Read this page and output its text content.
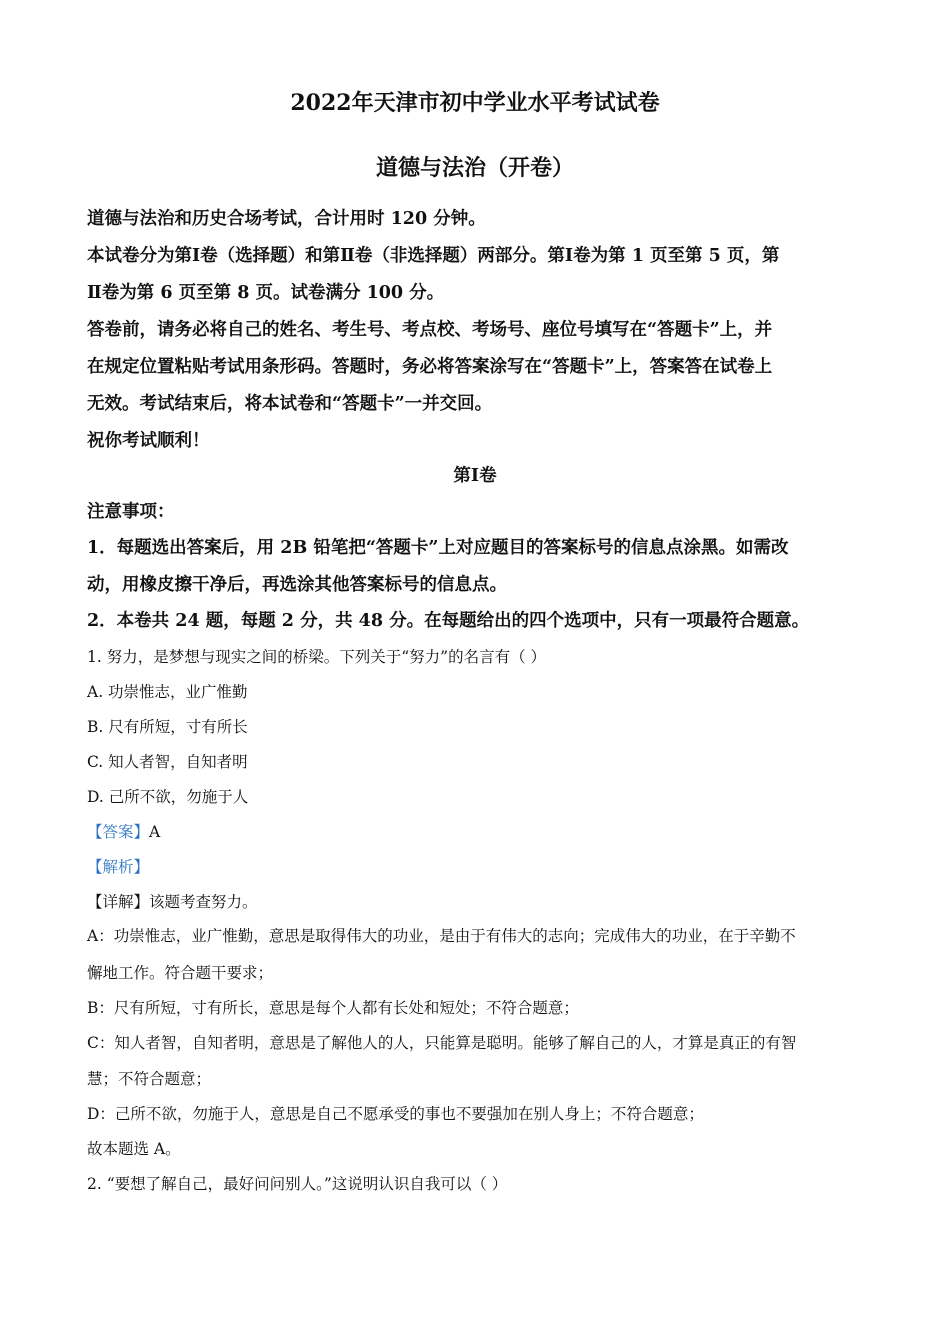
2022年天津市初中学业水平考试试卷
道德与法治（开卷）
道德与法治和历史合场考试，合计用时 120 分钟。
本试卷分为第Ⅰ卷（选择题）和第Ⅱ卷（非选择题）两部分。第Ⅰ卷为第 1 页至第 5 页，第
Ⅱ卷为第 6 页至第 8 页。试卷满分 100 分。
答卷前，请务必将自己的姓名、考生号、考点校、考场号、座位号填写在“答题卡”上，并
在规定位置粘贴考试用条形码。答题时，务必将答案涂写在“答题卡”上，答案答在试卷上
无效。考试结束后，将本试卷和“答题卡”一并交回。
祝你考试顺利！
第Ⅰ卷
注意事项：
1．每题选出答案后，用 2B 铅笔把“答题卡”上对应题目的答案标号的信息点涂黑。如需改
动，用橡皮擦干净后，再选涂其他答案标号的信息点。
2．本卷共 24 题，每题 2 分，共 48 分。在每题给出的四个选项中，只有一项最符合题意。
1. 努力，是梦想与现实之间的桥梁。下列关于“努力”的名言有（ ）
A. 功崇惟志，业广惟勤
B. 尺有所短，寸有所长
C. 知人者智，自知者明
D. 己所不欲，勿施于人
【答案】A
【解析】
【详解】该题考查努力。
A：功崇惟志，业广惟勤，意思是取得伟大的功业，是由于有伟大的志向；完成伟大的功业，在于辛勤不
懈地工作。符合题干要求；
B：尺有所短，寸有所长，意思是每个人都有长处和短处；不符合题意；
C：知人者智，自知者明，意思是了解他人的人，只能算是聪明。能够了解自己的人，才算是真正的有智
慧；不符合题意；
D：己所不欲，勿施于人，意思是自己不愿承受的事也不要强加在别人身上；不符合题意；
故本题选 A。
2. “要想了解自己，最好问问别人。”这说明认识自我可以（ ）
